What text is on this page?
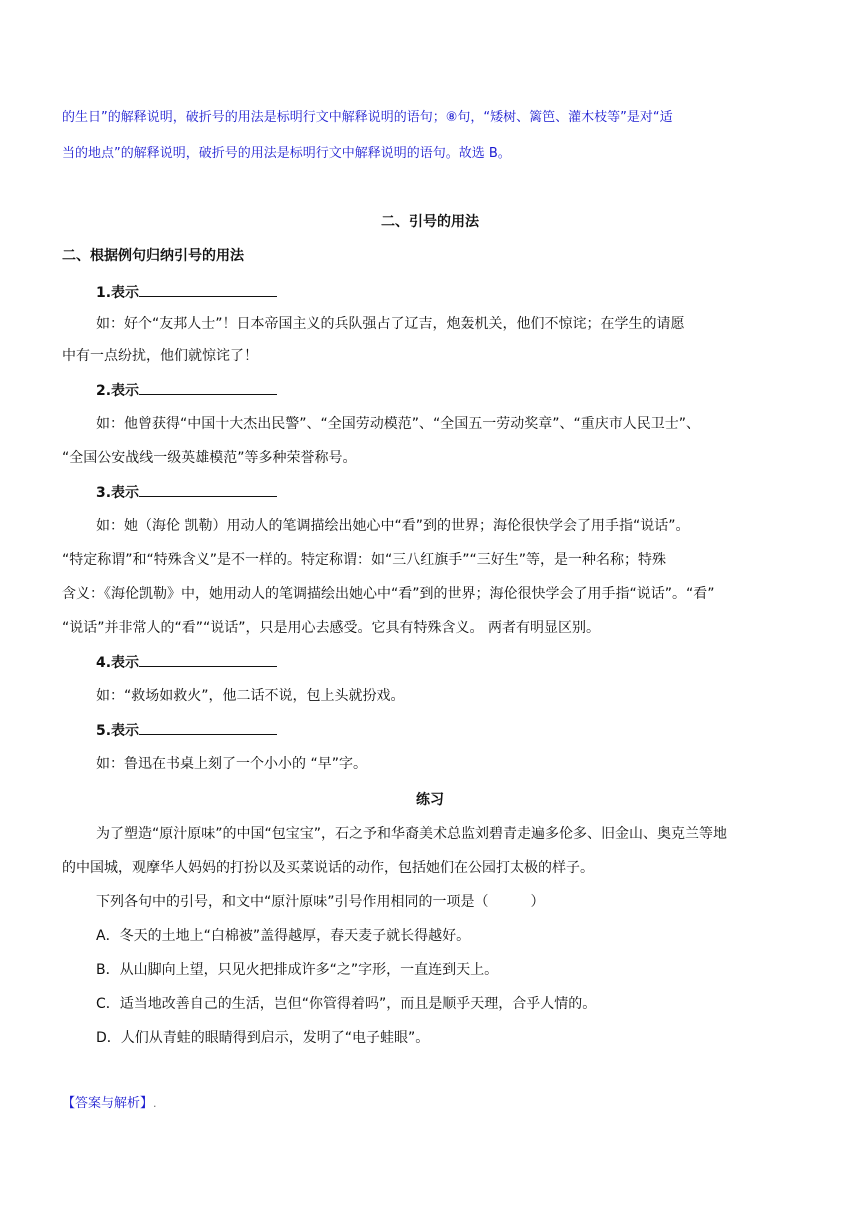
的生日”的解释说明，破折号的用法是标明行文中解释说明的语句；⑧句，“矮树、篱笆、灌木枝等”是对“适
当的地点”的解释说明，破折号的用法是标明行文中解释说明的语句。故选 B。
二、引号的用法
二、根据例句归纳引号的用法
1.表示
如：好个“友邦人士”！日本帝国主义的兵队强占了辽吉，炮轰机关，他们不惊诧；在学生的请愿
中有一点纷扰，他们就惊诧了！
2.表示
如：他曾获得“中国十大杰出民警”、“全国劳动模范”、“全国五一劳动奖章”、“重庆市人民卫士”、
“全国公安战线一级英雄模范”等多种荣誉称号。
3.表示
如：她（海伦 凯勒）用动人的笔调描绘出她心中“看”到的世界；海伦很快学会了用手指“说话”。
“特定称谓”和“特殊含义”是不一样的。特定称谓：如“三八红旗手”“三好生”等，是一种名称；特殊
含义：《海伦凯勒》中，她用动人的笔调描绘出她心中“看”到的世界；海伦很快学会了用手指“说话”。“看”
“说话”并非常人的“看”“说话”，只是用心去感受。它具有特殊含义。 两者有明显区别。
4.表示
如：“救场如救火”，他二话不说，包上头就扮戏。
5.表示
如：鲁迅在书桌上刻了一个小小的 “早”字。
练习
为了塑造“原汁原味”的中国“包宝宝”，石之予和华裔美术总监刘碧青走遍多伦多、旧金山、奥克兰等地
的中国城，观摩华人妈妈的打扮以及买菜说话的动作，包括她们在公园打太极的样子。
下列各句中的引号，和文中“原汁原味”引号作用相同的一项是（　　　）
A．冬天的土地上“白棉被”盖得越厚，春天麦子就长得越好。
B．从山脚向上望，只见火把排成许多“之”字形，一直连到天上。
C．适当地改善自己的生活，岂但“你管得着吗”，而且是顺乎天理，合乎人情的。
D．人们从青蛙的眼睛得到启示，发明了“电子蛙眼”。
【答案与解析】.
